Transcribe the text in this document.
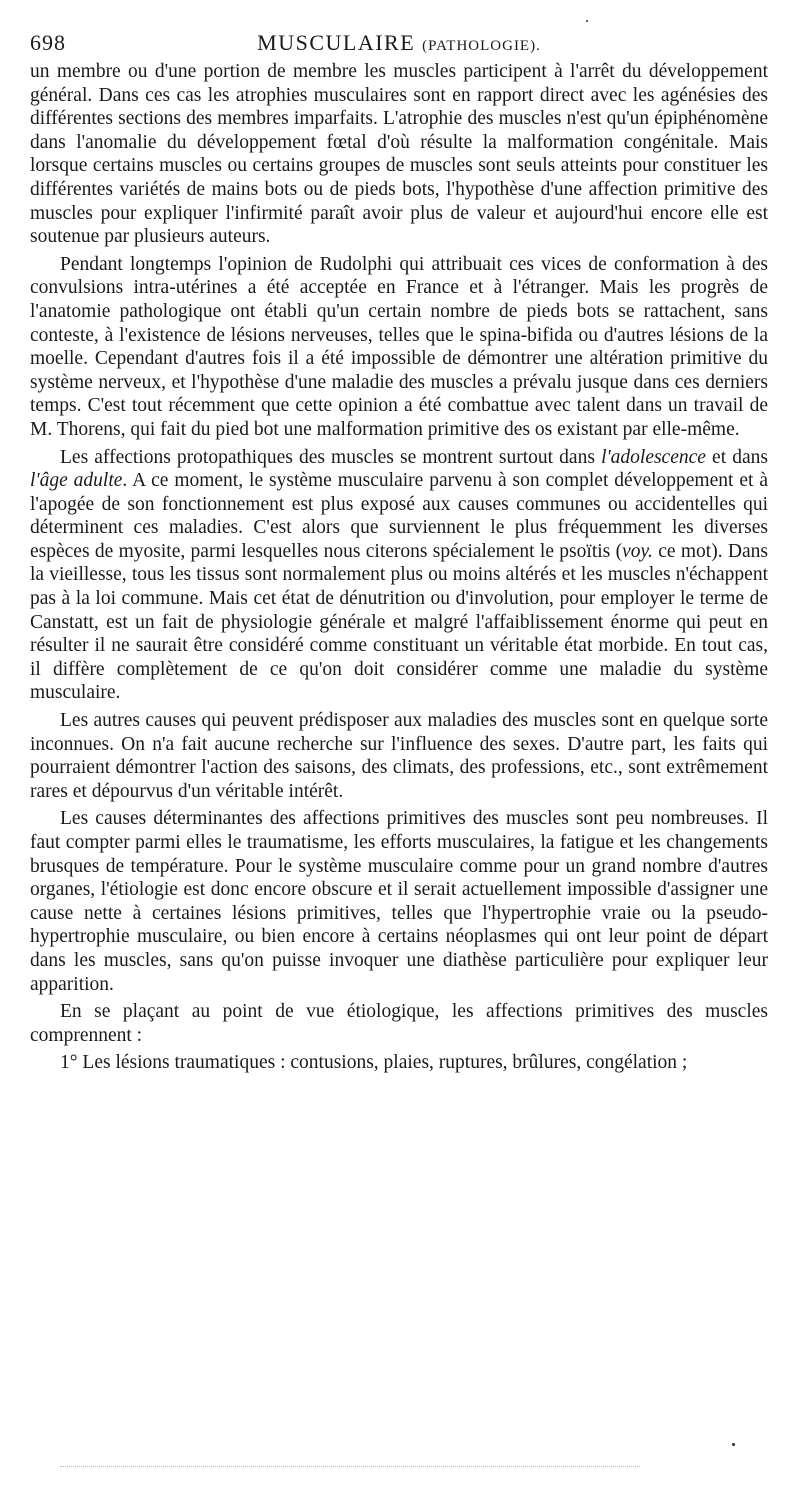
698	MUSCULAIRE (PATHOLOGIE).

un membre ou d'une portion de membre les muscles participent à l'arrêt du développement général. Dans ces cas les atrophies musculaires sont en rapport direct avec les agénésies des différentes sections des membres imparfaits. L'atrophie des muscles n'est qu'un épiphénomène dans l'anomalie du développement fœtal d'où résulte la malformation congénitale. Mais lorsque certains muscles ou certains groupes de muscles sont seuls atteints pour constituer les différentes variétés de mains bots ou de pieds bots, l'hypothèse d'une affection primitive des muscles pour expliquer l'infirmité paraît avoir plus de valeur et aujourd'hui encore elle est soutenue par plusieurs auteurs.

Pendant longtemps l'opinion de Rudolphi qui attribuait ces vices de conformation à des convulsions intra-utérines a été acceptée en France et à l'étranger. Mais les progrès de l'anatomie pathologique ont établi qu'un certain nombre de pieds bots se rattachent, sans conteste, à l'existence de lésions nerveuses, telles que le spina-bifida ou d'autres lésions de la moelle. Cependant d'autres fois il a été impossible de démontrer une altération primitive du système nerveux, et l'hypothèse d'une maladie des muscles a prévalu jusque dans ces derniers temps. C'est tout récemment que cette opinion a été combattue avec talent dans un travail de M. Thorens, qui fait du pied bot une malformation primitive des os existant par elle-même.

Les affections protopathiques des muscles se montrent surtout dans l'adolescence et dans l'âge adulte. A ce moment, le système musculaire parvenu à son complet développement et à l'apogée de son fonctionnement est plus exposé aux causes communes ou accidentelles qui déterminent ces maladies. C'est alors que surviennent le plus fréquemment les diverses espèces de myosite, parmi lesquelles nous citerons spécialement le psoïtis (voy. ce mot). Dans la vieillesse, tous les tissus sont normalement plus ou moins altérés et les muscles n'échappent pas à la loi commune. Mais cet état de dénutrition ou d'involution, pour employer le terme de Canstatt, est un fait de physiologie générale et malgré l'affaiblissement énorme qui peut en résulter il ne saurait être considéré comme constituant un véritable état morbide. En tout cas, il diffère complètement de ce qu'on doit considérer comme une maladie du système musculaire.

Les autres causes qui peuvent prédisposer aux maladies des muscles sont en quelque sorte inconnues. On n'a fait aucune recherche sur l'influence des sexes. D'autre part, les faits qui pourraient démontrer l'action des saisons, des climats, des professions, etc., sont extrêmement rares et dépourvus d'un véritable intérêt.

Les causes déterminantes des affections primitives des muscles sont peu nombreuses. Il faut compter parmi elles le traumatisme, les efforts musculaires, la fatigue et les changements brusques de température. Pour le système musculaire comme pour un grand nombre d'autres organes, l'étiologie est donc encore obscure et il serait actuellement impossible d'assigner une cause nette à certaines lésions primitives, telles que l'hypertrophie vraie ou la pseudo-hypertrophie musculaire, ou bien encore à certains néoplasmes qui ont leur point de départ dans les muscles, sans qu'on puisse invoquer une diathèse particulière pour expliquer leur apparition.

En se plaçant au point de vue étiologique, les affections primitives des muscles comprennent :

1° Les lésions traumatiques : contusions, plaies, ruptures, brûlures, congélation ;
